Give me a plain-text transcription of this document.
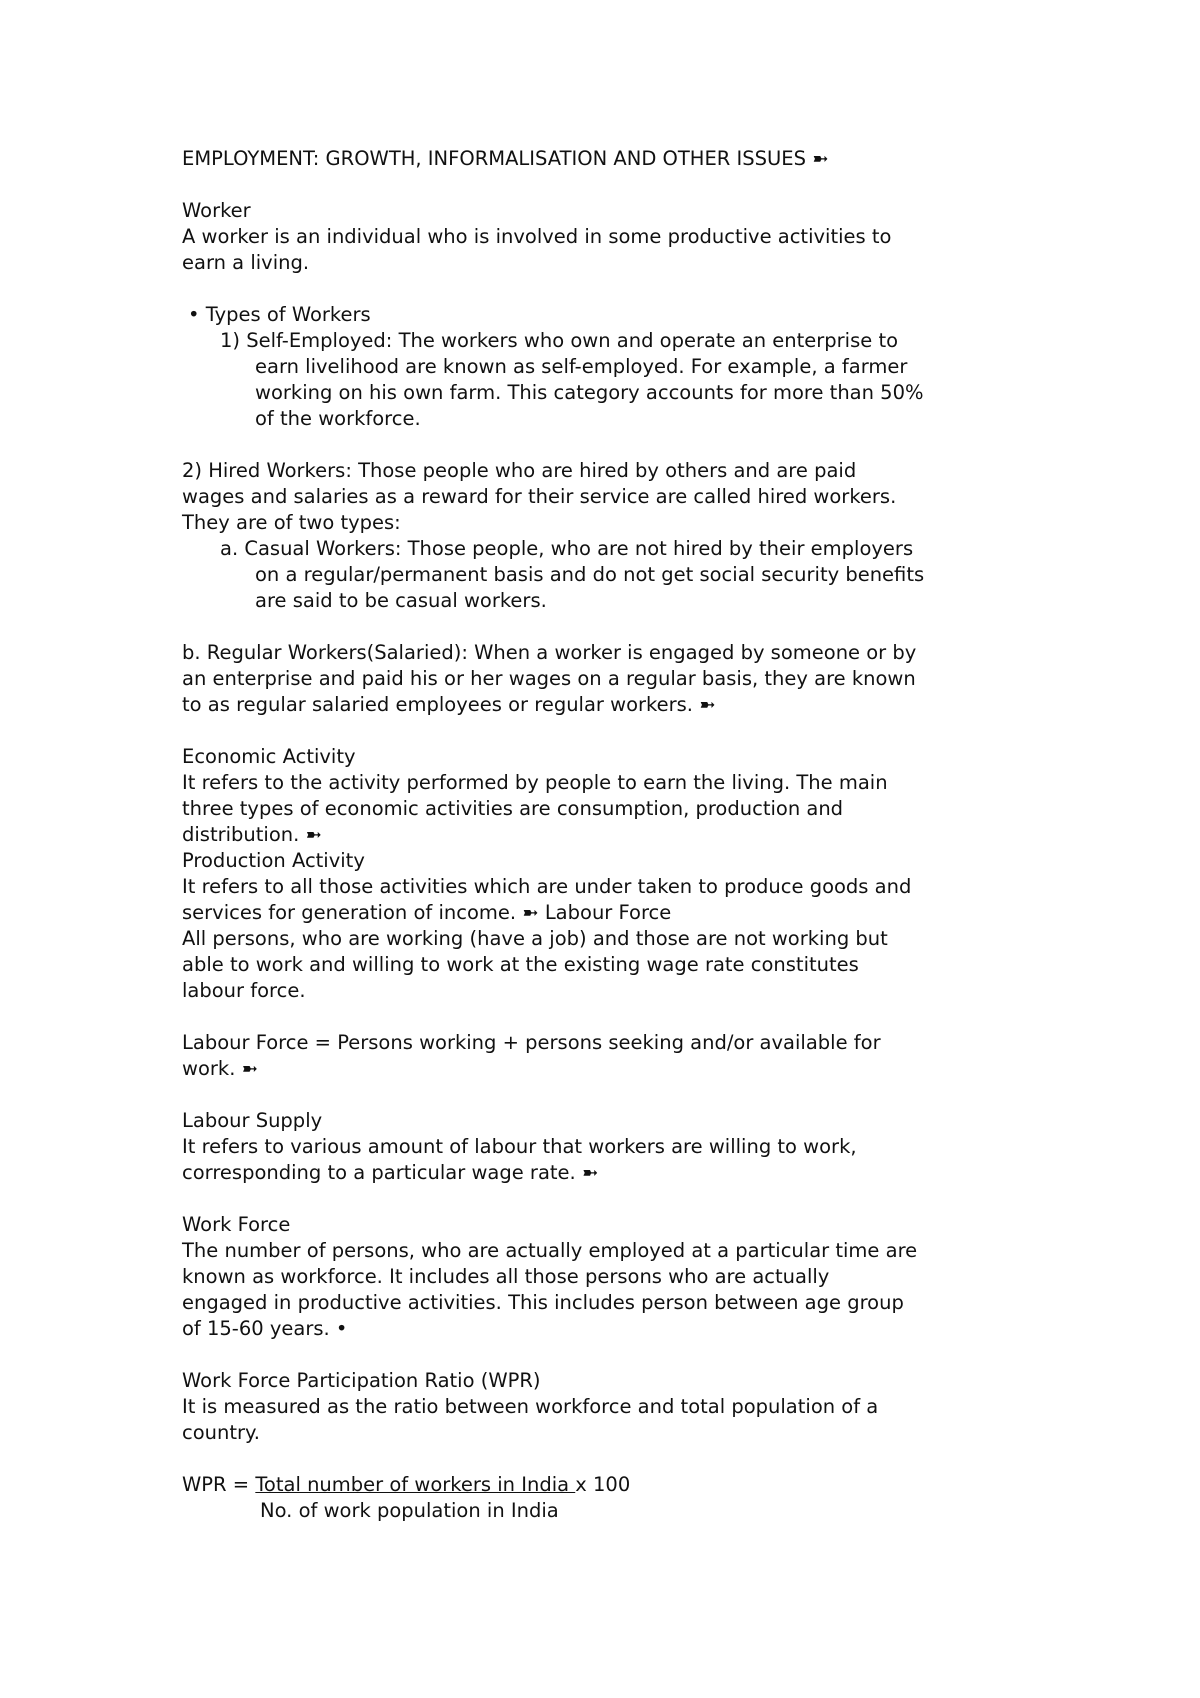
EMPLOYMENT: GROWTH, INFORMALISATION AND OTHER ISSUES ➼
Worker
A worker is an individual who is involved in some productive activities to
earn a living.
• Types of Workers
1) Self-Employed: The workers who own and operate an enterprise to
earn livelihood are known as self-employed. For example, a farmer
working on his own farm. This category accounts for more than 50%
of the workforce.
2) Hired Workers: Those people who are hired by others and are paid
wages and salaries as a reward for their service are called hired workers.
They are of two types:
a. Casual Workers: Those people, who are not hired by their employers
on a regular/permanent basis and do not get social security benefits
are said to be casual workers.
b. Regular Workers(Salaried): When a worker is engaged by someone or by
an enterprise and paid his or her wages on a regular basis, they are known
to as regular salaried employees or regular workers. ➼
Economic Activity
It refers to the activity performed by people to earn the living. The main
three types of economic activities are consumption, production and
distribution. ➼
Production Activity
It refers to all those activities which are under taken to produce goods and
services for generation of income. ➼ Labour Force
All persons, who are working (have a job) and those are not working but
able to work and willing to work at the existing wage rate constitutes
labour force.
Labour Force = Persons working + persons seeking and/or available for
work. ➼
Labour Supply
It refers to various amount of labour that workers are willing to work,
corresponding to a particular wage rate. ➼
Work Force
The number of persons, who are actually employed at a particular time are
known as workforce. It includes all those persons who are actually
engaged in productive activities. This includes person between age group
of 15-60 years. •
Work Force Participation Ratio (WPR)
It is measured as the ratio between workforce and total population of a
country.
WPR = Total number of workers in India x 100
No. of work population in India
